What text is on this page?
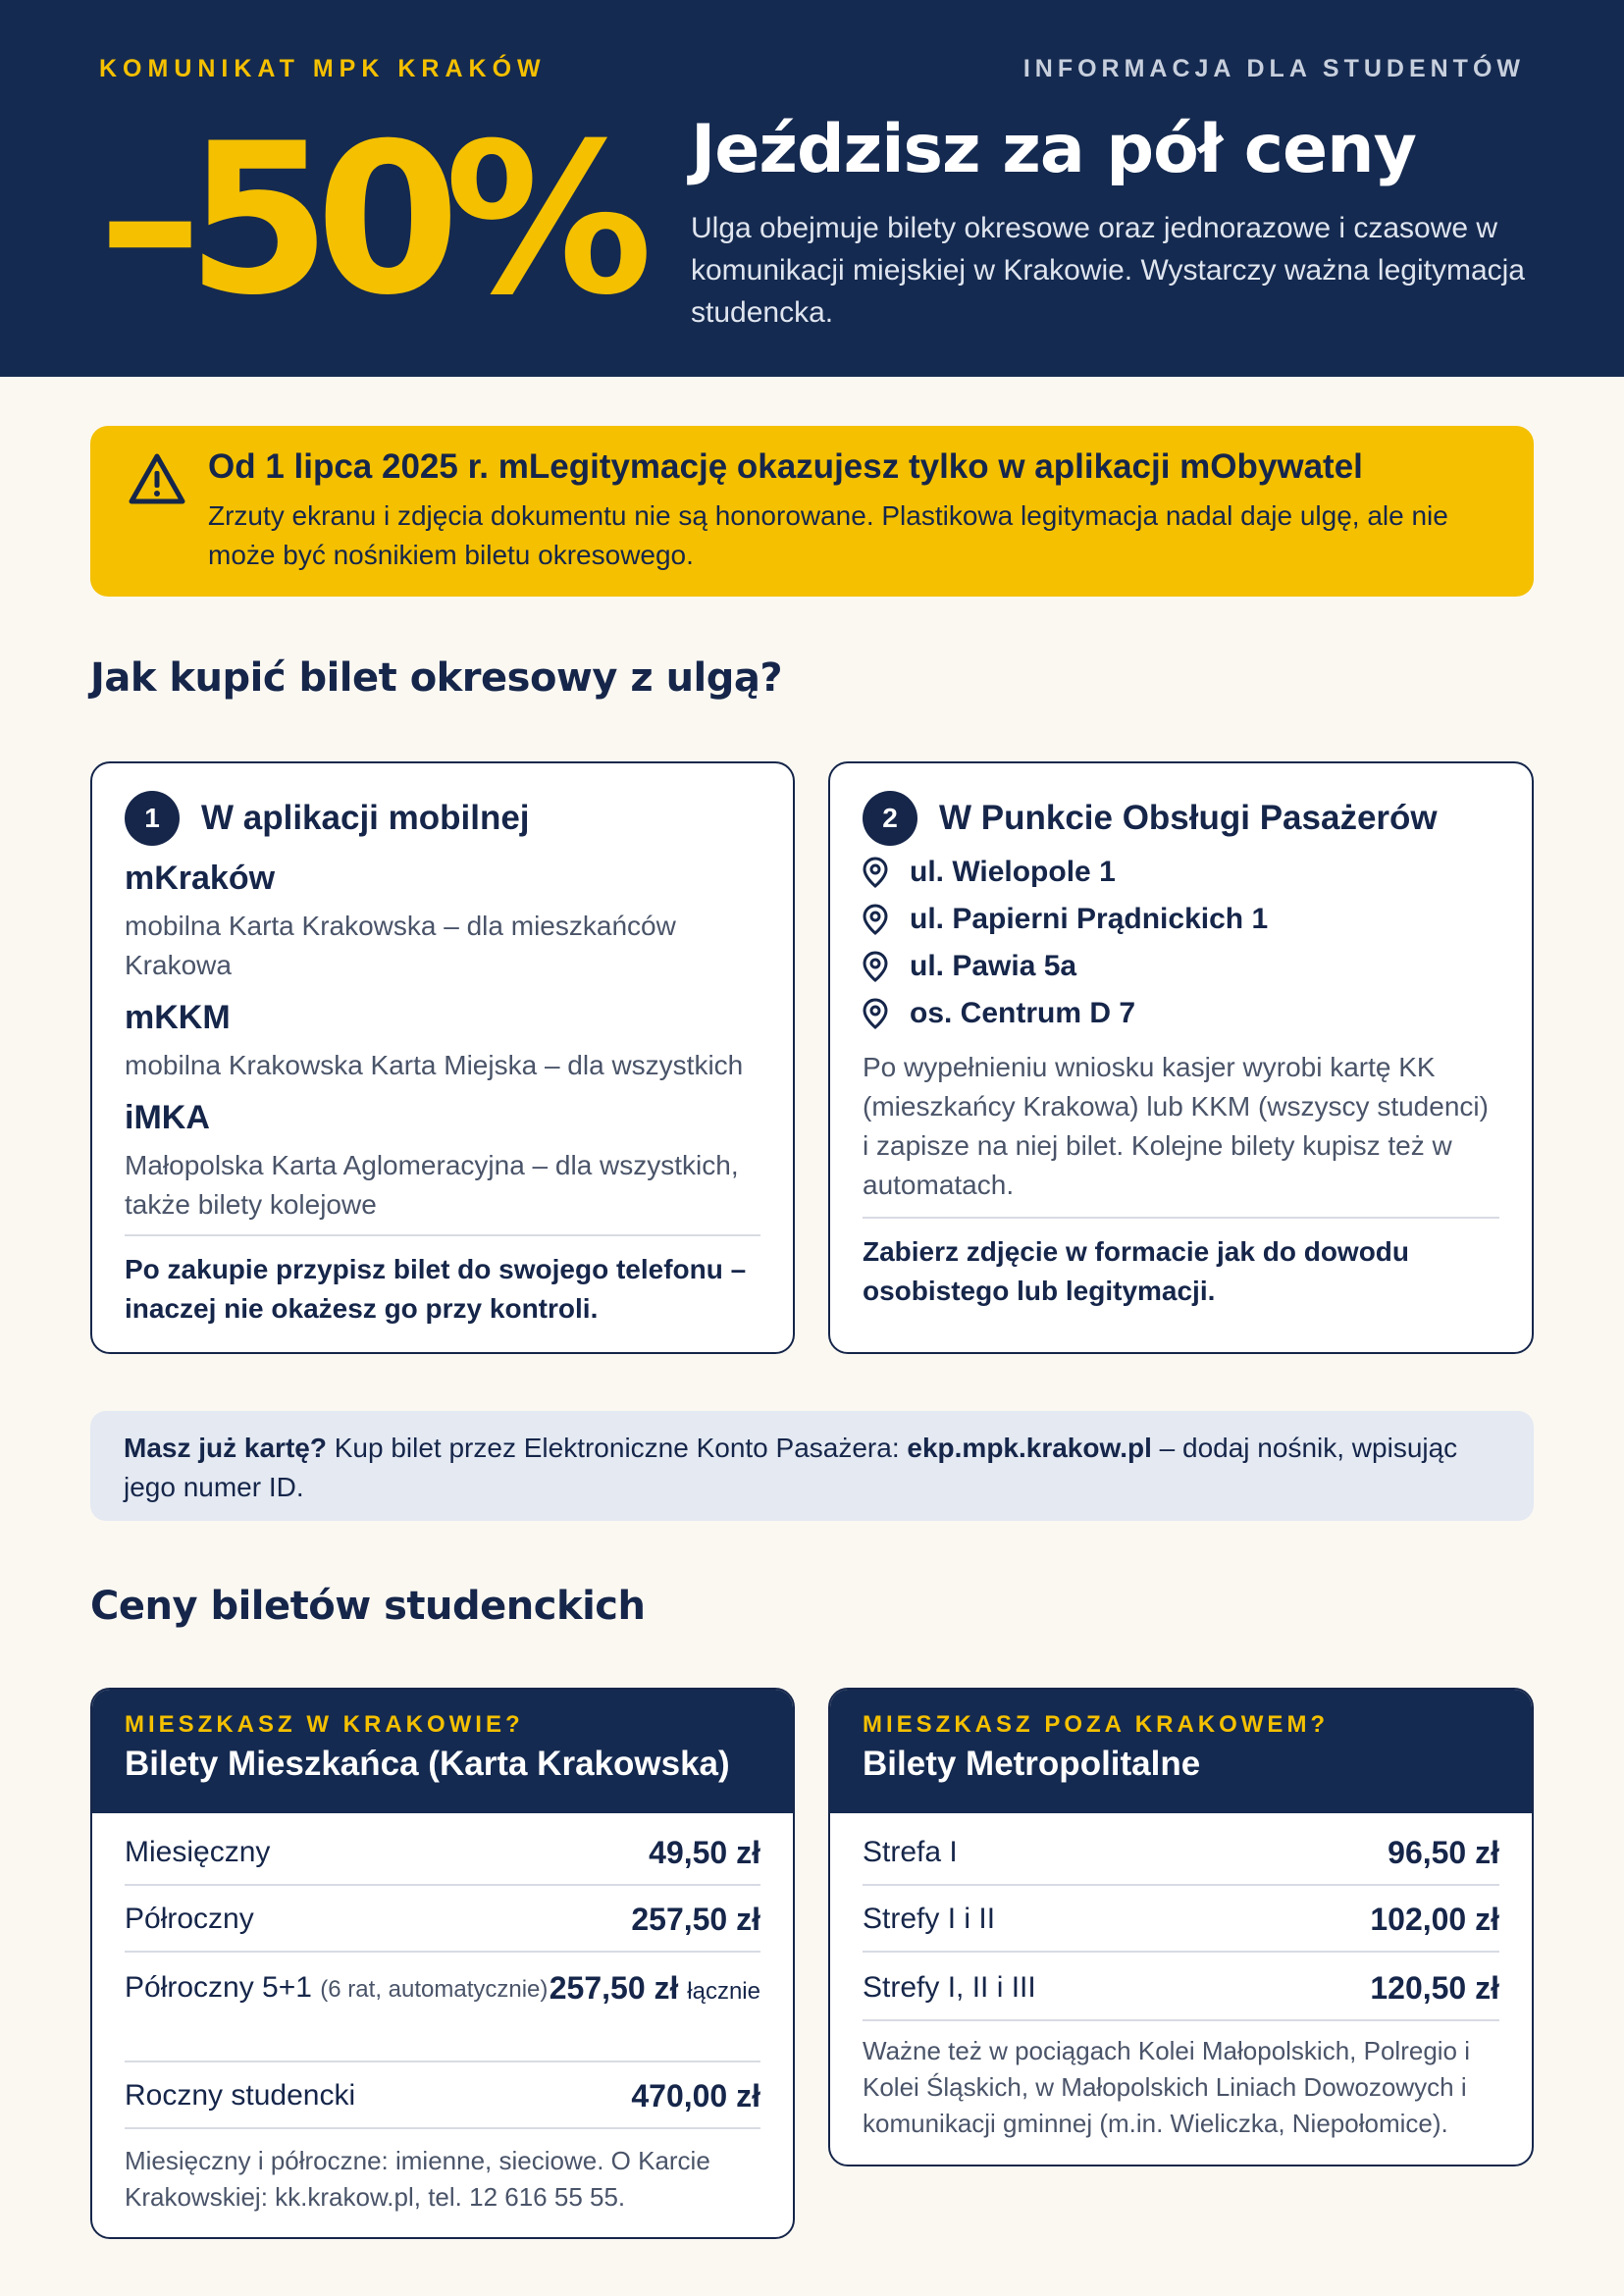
KOMUNIKAT MPK KRAKÓW	INFORMACJA DLA STUDENTÓW
–50% Jeździsz za pół ceny
Ulga obejmuje bilety okresowe oraz jednorazowe i czasowe w komunikacji miejskiej w Krakowie. Wystarczy ważna legitymacja studencka.
Od 1 lipca 2025 r. mLegitymację okazujesz tylko w aplikacji mObywatel
Zrzuty ekranu i zdjęcia dokumentu nie są honorowane. Plastikowa legitymacja nadal daje ulgę, ale nie może być nośnikiem biletu okresowego.
Jak kupić bilet okresowy z ulgą?
1	W aplikacji mobilnej
mKraków
mobilna Karta Krakowska – dla mieszkańców Krakowa
mKKM
mobilna Krakowska Karta Miejska – dla wszystkich
iMKA
Małopolska Karta Aglomeracyjna – dla wszystkich, także bilety kolejowe
Po zakupie przypisz bilet do swojego telefonu – inaczej nie okażesz go przy kontroli.
2	W Punkcie Obsługi Pasażerów
ul. Wielopole 1
ul. Papierni Prądnickich 1
ul. Pawia 5a
os. Centrum D 7
Po wypełnieniu wniosku kasjer wyrobi kartę KK (mieszkańcy Krakowa) lub KKM (wszyscy studenci) i zapisze na niej bilet. Kolejne bilety kupisz też w automatach.
Zabierz zdjęcie w formacie jak do dowodu osobistego lub legitymacji.
Masz już kartę? Kup bilet przez Elektroniczne Konto Pasażera: ekp.mpk.krakow.pl – dodaj nośnik, wpisując jego numer ID.
Ceny biletów studenckich
MIESZKASZ W KRAKOWIE?
Bilety Mieszkańca (Karta Krakowska)
Miesięczny	49,50 zł
Półroczny	257,50 zł
Półroczny 5+1 (6 rat, automatycznie) 257,50 zł łącznie
Roczny studencki	470,00 zł
Miesięczny i półroczne: imienne, sieciowe. O Karcie Krakowskiej: kk.krakow.pl, tel. 12 616 55 55.
MIESZKASZ POZA KRAKOWEM?
Bilety Metropolitalne
Strefa I	96,50 zł
Strefy I i II	102,00 zł
Strefy I, II i III	120,50 zł
Ważne też w pociągach Kolei Małopolskich, Polregio i Kolei Śląskich, w Małopolskich Liniach Dowozowych i komunikacji gminnej (m.in. Wieliczka, Niepołomice).
